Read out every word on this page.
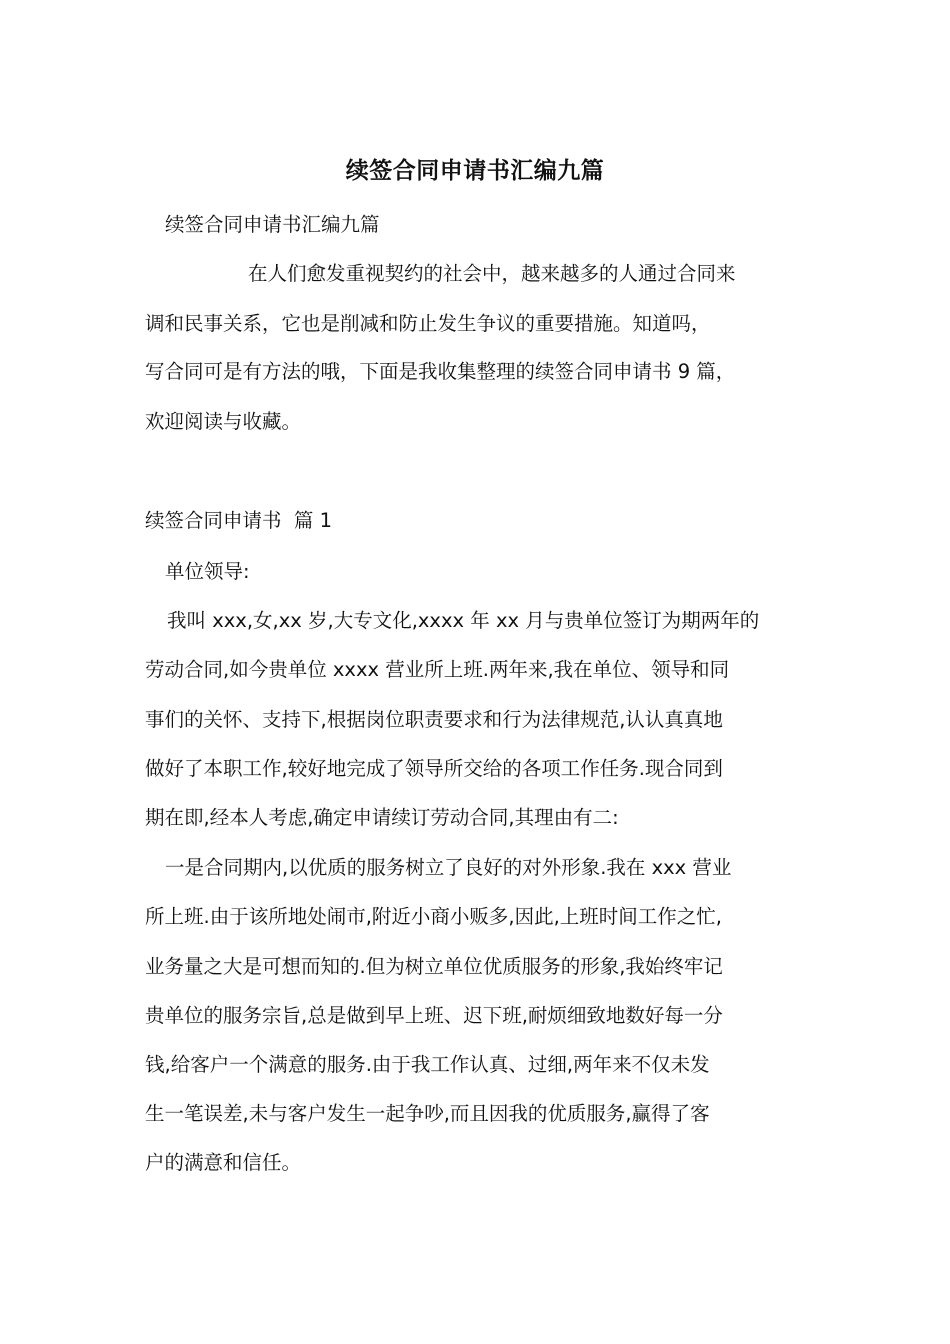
续签合同申请书汇编九篇
续签合同申请书汇编九篇
在人们愈发重视契约的社会中，越来越多的人通过合同来
调和民事关系，它也是削减和防止发生争议的重要措施。知道吗，
写合同可是有方法的哦，下面是我收集整理的续签合同申请书 9 篇，
欢迎阅读与收藏。
续签合同申请书  篇 1
单位领导:
我叫 xxx,女,xx 岁,大专文化,xxxx 年 xx 月与贵单位签订为期两年的
劳动合同,如今贵单位 xxxx 营业所上班.两年来,我在单位、领导和同
事们的关怀、支持下,根据岗位职责要求和行为法律规范,认认真真地
做好了本职工作,较好地完成了领导所交给的各项工作任务.现合同到
期在即,经本人考虑,确定申请续订劳动合同,其理由有二:
一是合同期内,以优质的服务树立了良好的对外形象.我在 xxx 营业
所上班.由于该所地处闹市,附近小商小贩多,因此,上班时间工作之忙,
业务量之大是可想而知的.但为树立单位优质服务的形象,我始终牢记
贵单位的服务宗旨,总是做到早上班、迟下班,耐烦细致地数好每一分
钱,给客户一个满意的服务.由于我工作认真、过细,两年来不仅未发
生一笔误差,未与客户发生一起争吵,而且因我的优质服务,赢得了客
户的满意和信任。
